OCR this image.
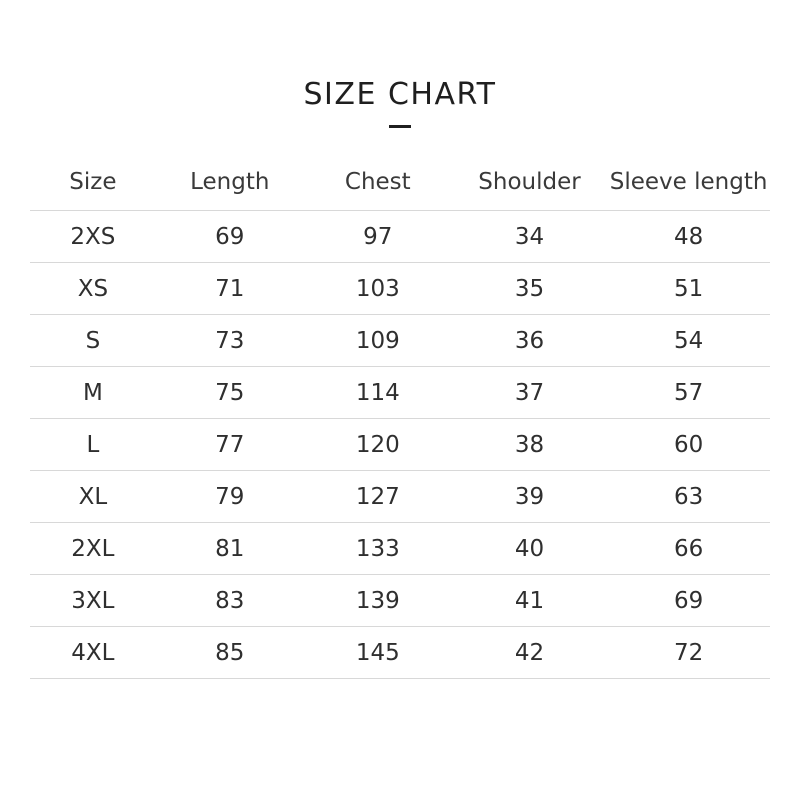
SIZE CHART
Size	Length	Chest	Shoulder	Sleeve length
2XS	69	97	34	48
XS	71	103	35	51
S	73	109	36	54
M	75	114	37	57
L	77	120	38	60
XL	79	127	39	63
2XL	81	133	40	66
3XL	83	139	41	69
4XL	85	145	42	72
